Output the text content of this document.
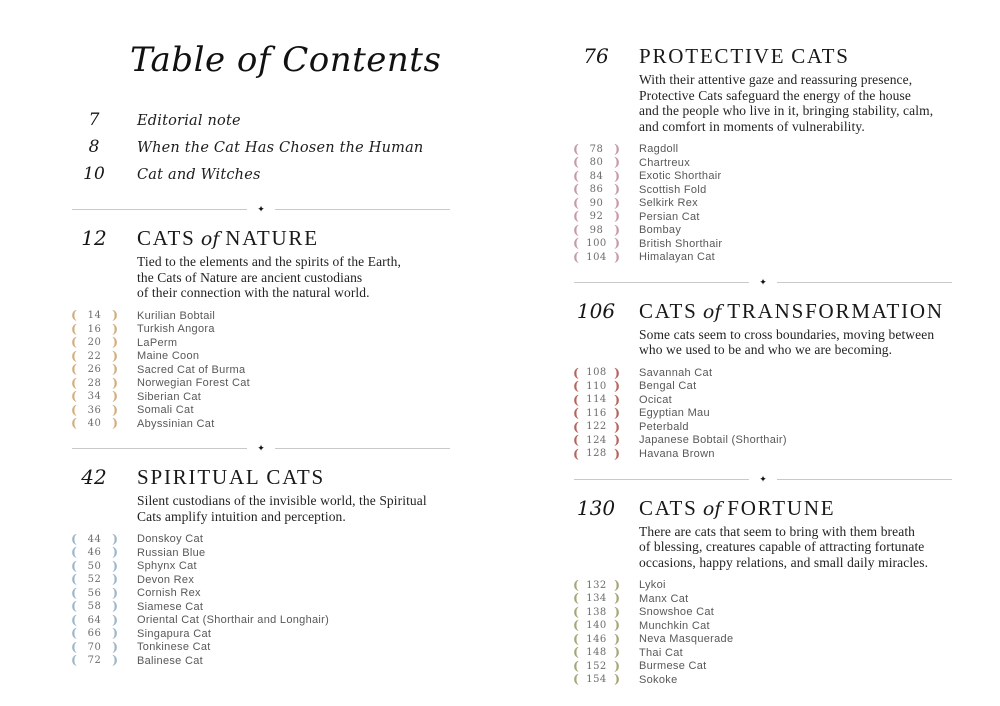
Table of Contents
7	Editorial note
8	When the Cat Has Chosen the Human
10	Cat and Witches
✦
12	CATS of NATURE
Tied to the elements and the spirits of the Earth,
the Cats of Nature are ancient custodians
of their connection with the natural world.
( 14 ) Kurilian Bobtail
( 16 ) Turkish Angora
( 20 ) LaPerm
( 22 ) Maine Coon
( 26 ) Sacred Cat of Burma
( 28 ) Norwegian Forest Cat
( 34 ) Siberian Cat
( 36 ) Somali Cat
( 40 ) Abyssinian Cat
✦
42	SPIRITUAL CATS
Silent custodians of the invisible world, the Spiritual
Cats amplify intuition and perception.
( 44 ) Donskoy Cat
( 46 ) Russian Blue
( 50 ) Sphynx Cat
( 52 ) Devon Rex
( 56 ) Cornish Rex
( 58 ) Siamese Cat
( 64 ) Oriental Cat (Shorthair and Longhair)
( 66 ) Singapura Cat
( 70 ) Tonkinese Cat
( 72 ) Balinese Cat
76	PROTECTIVE CATS
With their attentive gaze and reassuring presence,
Protective Cats safeguard the energy of the house
and the people who live in it, bringing stability, calm,
and comfort in moments of vulnerability.
( 78 ) Ragdoll
( 80 ) Chartreux
( 84 ) Exotic Shorthair
( 86 ) Scottish Fold
( 90 ) Selkirk Rex
( 92 ) Persian Cat
( 98 ) Bombay
( 100 ) British Shorthair
( 104 ) Himalayan Cat
✦
106 CATS of TRANSFORMATION
Some cats seem to cross boundaries, moving between
who we used to be and who we are becoming.
( 108 ) Savannah Cat
( 110 ) Bengal Cat
( 114 ) Ocicat
( 116 ) Egyptian Mau
( 122 ) Peterbald
( 124 ) Japanese Bobtail (Shorthair)
( 128 ) Havana Brown
✦
130 CATS of FORTUNE
There are cats that seem to bring with them breath
of blessing, creatures capable of attracting fortunate
occasions, happy relations, and small daily miracles.
( 132 ) Lykoi
( 134 ) Manx Cat
( 138 ) Snowshoe Cat
( 140 ) Munchkin Cat
( 146 ) Neva Masquerade
( 148 ) Thai Cat
( 152 ) Burmese Cat
( 154 ) Sokoke
